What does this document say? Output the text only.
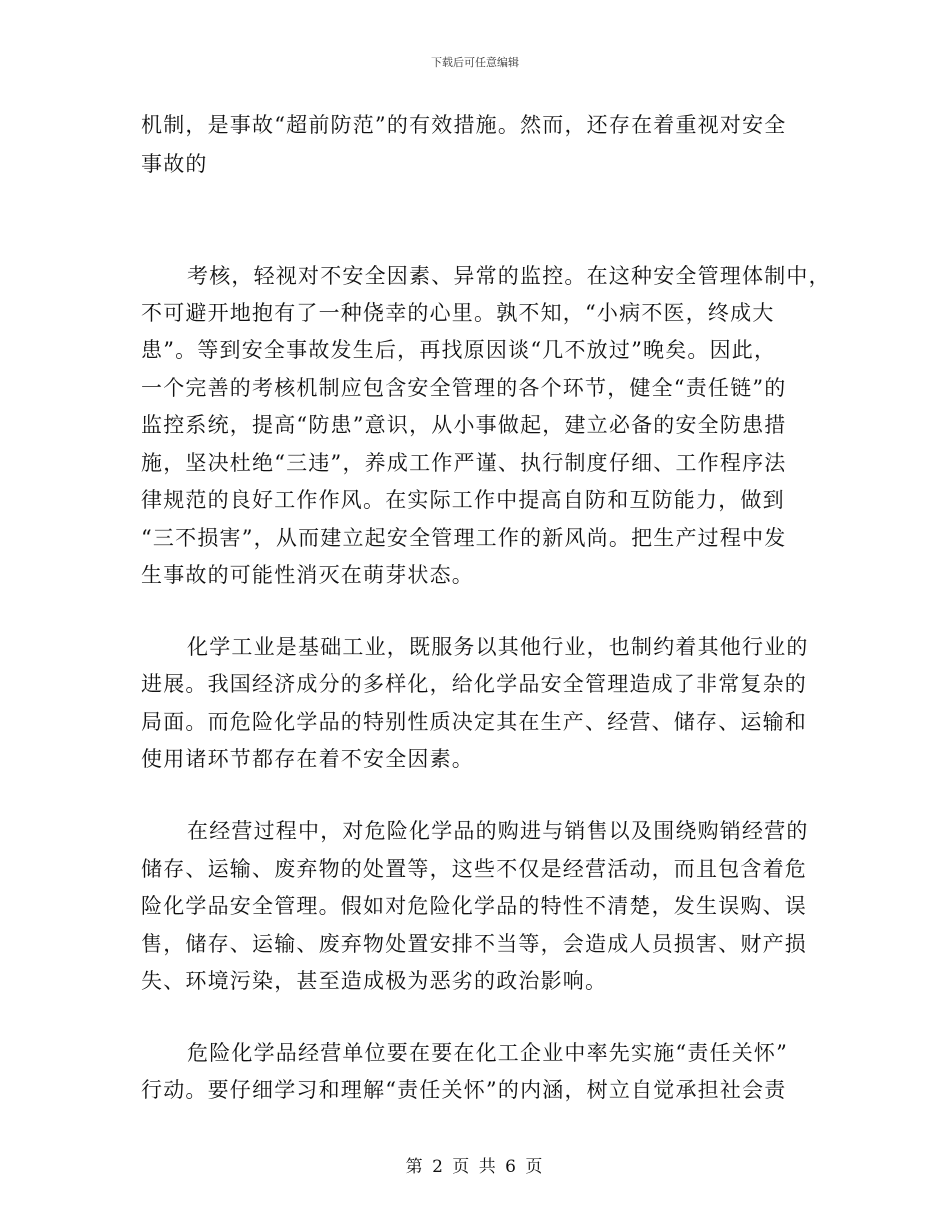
下载后可任意编辑
机制，是事故“超前防范”的有效措施。然而，还存在着重视对安全
事故的
考核，轻视对不安全因素、异常的监控。在这种安全管理体制中，
不可避开地抱有了一种侥幸的心里。孰不知，“小病不医，终成大
患”。等到安全事故发生后，再找原因谈“几不放过”晚矣。因此，
一个完善的考核机制应包含安全管理的各个环节，健全“责任链”的
监控系统，提高“防患”意识，从小事做起，建立必备的安全防患措
施，坚决杜绝“三违”，养成工作严谨、执行制度仔细、工作程序法
律规范的良好工作作风。在实际工作中提高自防和互防能力，做到
“三不损害”，从而建立起安全管理工作的新风尚。把生产过程中发
生事故的可能性消灭在萌芽状态。
化学工业是基础工业，既服务以其他行业，也制约着其他行业的
进展。我国经济成分的多样化，给化学品安全管理造成了非常复杂的
局面。而危险化学品的特别性质决定其在生产、经营、储存、运输和
使用诸环节都存在着不安全因素。
在经营过程中，对危险化学品的购进与销售以及围绕购销经营的
储存、运输、废弃物的处置等，这些不仅是经营活动，而且包含着危
险化学品安全管理。假如对危险化学品的特性不清楚，发生误购、误
售，储存、运输、废弃物处置安排不当等，会造成人员损害、财产损
失、环境污染，甚至造成极为恶劣的政治影响。
危险化学品经营单位要在要在化工企业中率先实施“责任关怀”
行动。要仔细学习和理解“责任关怀”的内涵，树立自觉承担社会责
第 2 页 共 6 页
